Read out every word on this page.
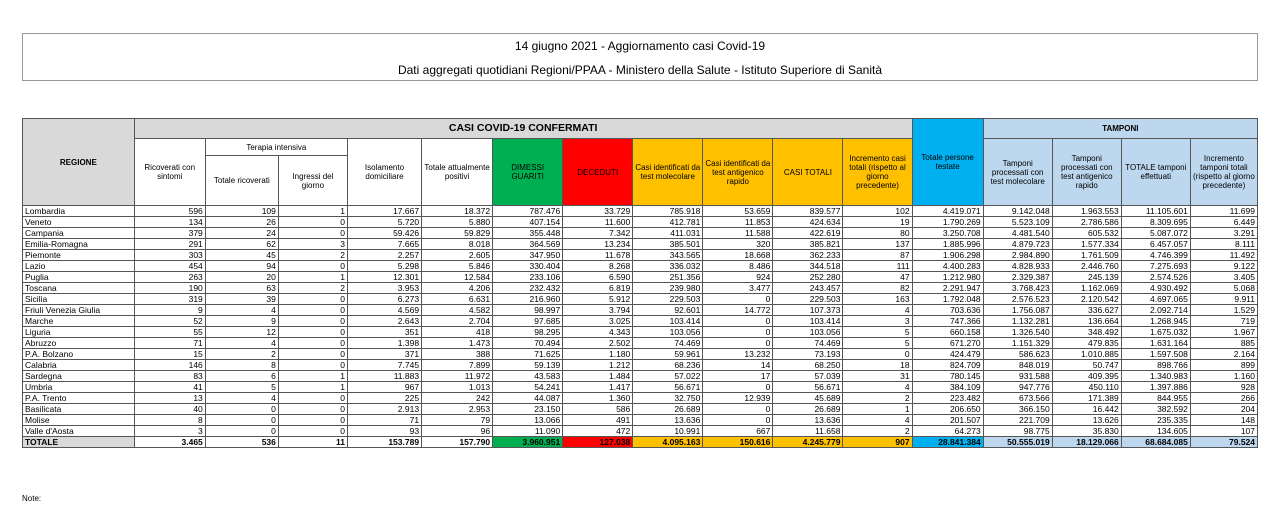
14 giugno 2021 - Aggiornamento casi Covid-19
Dati aggregati quotidiani Regioni/PPAA - Ministero della Salute - Istituto Superiore di Sanità
REGIONE	CASI COVID-19 CONFERMATI											Totale persone testate	TAMPONI			
	Ricoverati con sintomi	Terapia intensiva		Isolamento domiciliare	Totale attualmente positivi	DIMESSI GUARITI	DECEDUTI	Casi identificati da test molecolare	Casi identificati da test antigenico rapido	CASI TOTALI	Incremento casi totali (rispetto al giorno precedente)		Tamponi processati con test molecolare	Tamponi processati con test antigenico rapido	TOTALE tamponi effettuati	Incremento tamponi totali (rispetto al giorno precedente)
		Totale ricoverati	Ingressi del giorno													
Lombardia	596	109	1	17.667	18.372	787.476	33.729	785.918	53.659	839.577	102	4.419.071	9.142.048	1.963.553	11.105.601	11.699
Veneto	134	26	0	5.720	5.880	407.154	11.600	412.781	11.853	424.634	19	1.790.269	5.523.109	2.786.586	8.309.695	6.449
Campania	379	24	0	59.426	59.829	355.448	7.342	411.031	11.588	422.619	80	3.250.708	4.481.540	605.532	5.087.072	3.291
Emilia-Romagna	291	62	3	7.665	8.018	364.569	13.234	385.501	320	385.821	137	1.885.996	4.879.723	1.577.334	6.457.057	8.111
Piemonte	303	45	2	2.257	2.605	347.950	11.678	343.565	18.668	362.233	87	1.906.298	2.984.890	1.761.509	4.746.399	11.492
Lazio	454	94	0	5.298	5.846	330.404	8.268	336.032	8.486	344.518	111	4.400.283	4.828.933	2.446.760	7.275.693	9.122
Puglia	263	20	1	12.301	12.584	233.106	6.590	251.356	924	252.280	47	1.212.980	2.329.387	245.139	2.574.526	3.405
Toscana	190	63	2	3.953	4.206	232.432	6.819	239.980	3.477	243.457	82	2.291.947	3.768.423	1.162.069	4.930.492	5.068
Sicilia	319	39	0	6.273	6.631	216.960	5.912	229.503	0	229.503	163	1.792.048	2.576.523	2.120.542	4.697.065	9.911
Friuli Venezia Giulia	9	4	0	4.569	4.582	98.997	3.794	92.601	14.772	107.373	4	703.636	1.756.087	336.627	2.092.714	1.529
Marche	52	9	0	2.643	2.704	97.685	3.025	103.414	0	103.414	3	747.366	1.132.281	136.664	1.268.945	719
Liguria	55	12	0	351	418	98.295	4.343	103.056	0	103.056	5	660.158	1.326.540	348.492	1.675.032	1.967
Abruzzo	71	4	0	1.398	1.473	70.494	2.502	74.469	0	74.469	5	671.270	1.151.329	479.835	1.631.164	885
P.A. Bolzano	15	2	0	371	388	71.625	1.180	59.961	13.232	73.193	0	424.479	586.623	1.010.885	1.597.508	2.164
Calabria	146	8	0	7.745	7.899	59.139	1.212	68.236	14	68.250	18	824.709	848.019	50.747	898.766	899
Sardegna	83	6	1	11.883	11.972	43.583	1.484	57.022	17	57.039	31	780.145	931.588	409.395	1.340.983	1.160
Umbria	41	5	1	967	1.013	54.241	1.417	56.671	0	56.671	4	384.109	947.776	450.110	1.397.886	928
P.A. Trento	13	4	0	225	242	44.087	1.360	32.750	12.939	45.689	2	223.482	673.566	171.389	844.955	266
Basilicata	40	0	0	2.913	2.953	23.150	586	26.689	0	26.689	1	206.650	366.150	16.442	382.592	204
Molise	8	0	0	71	79	13.066	491	13.636	0	13.636	4	201.507	221.709	13.626	235.335	148
Valle d'Aosta	3	0	0	93	96	11.090	472	10.991	667	11.658	2	64.273	98.775	35.830	134.605	107
TOTALE	3.465	536	11	153.789	157.790	3.960.951	127.038	4.095.163	150.616	4.245.779	907	28.841.384	50.555.019	18.129.066	68.684.085	79.524
Note:
